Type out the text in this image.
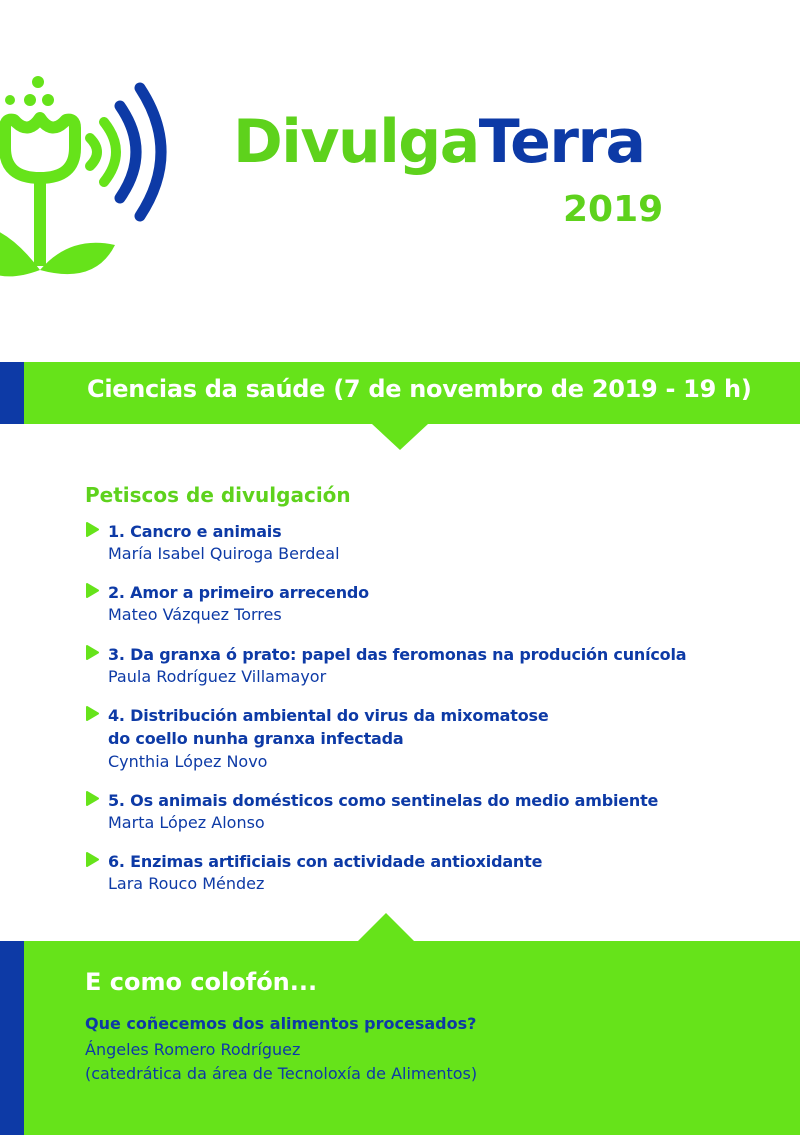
DivulgaTerra
2019
Ciencias da saúde (7 de novembro de 2019 - 19 h)
Petiscos de divulgación
1. Cancro e animais
María Isabel Quiroga Berdeal
2. Amor a primeiro arrecendo
Mateo Vázquez Torres
3. Da granxa ó prato: papel das feromonas na produción cunícola
Paula Rodríguez Villamayor
4. Distribución ambiental do virus da mixomatose
do coello nunha granxa infectada
Cynthia López Novo
5. Os animais domésticos como sentinelas do medio ambiente
Marta López Alonso
6. Enzimas artificiais con actividade antioxidante
Lara Rouco Méndez
E como colofón...
Que coñecemos dos alimentos procesados?
Ángeles Romero Rodríguez
(catedrática da área de Tecnoloxía de Alimentos)
